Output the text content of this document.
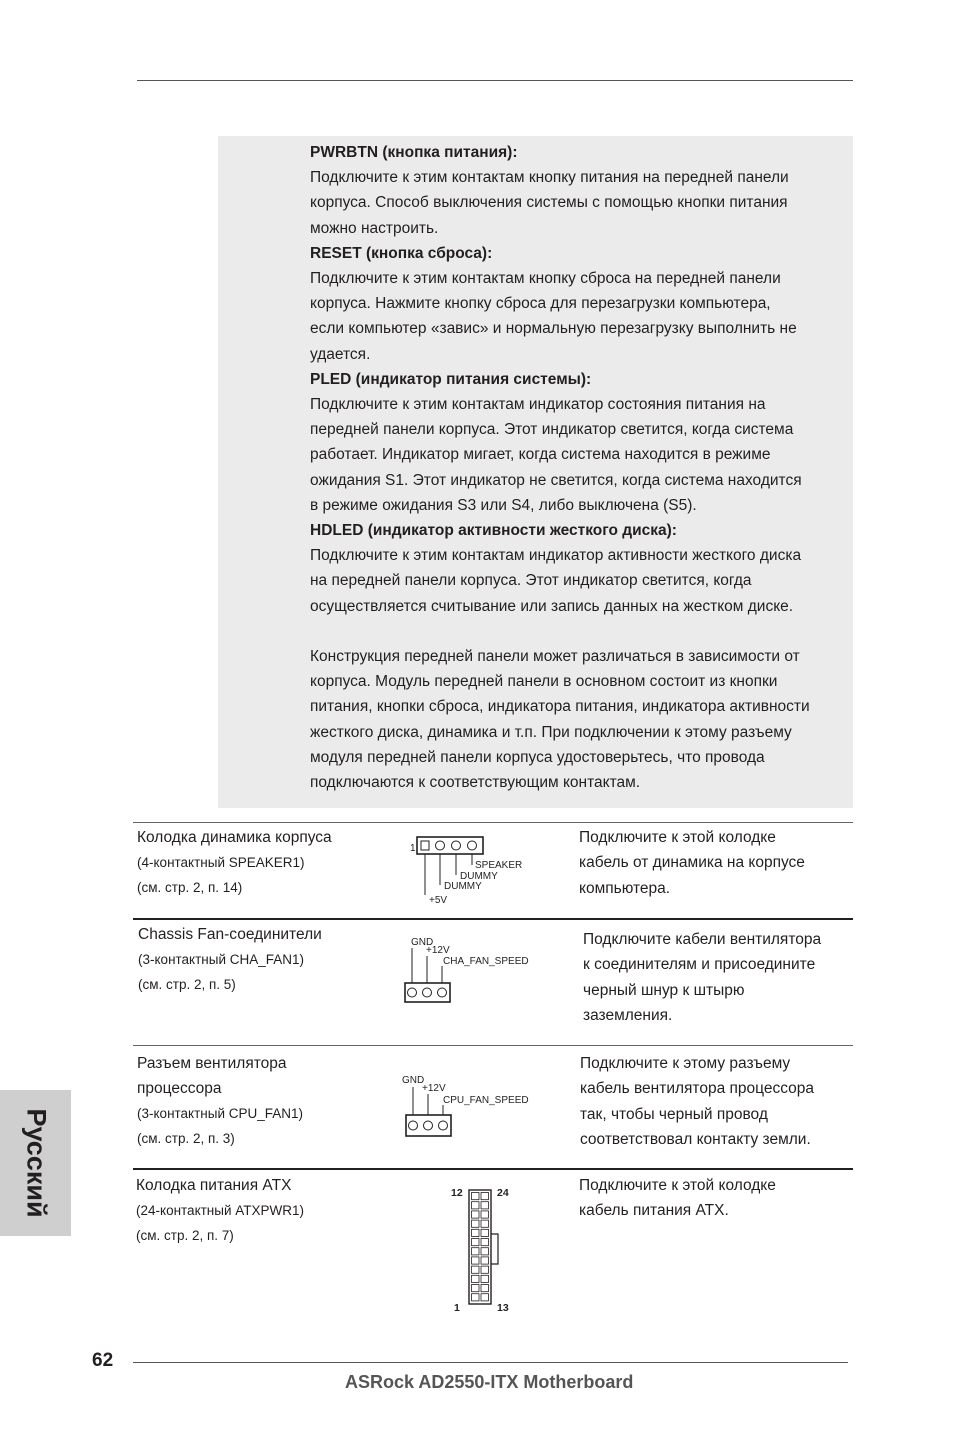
PWRBTN (кнопка питания):
Подключите к этим контактам кнопку питания на передней панели
корпуса. Способ выключения системы с помощью кнопки питания
можно настроить.
RESET (кнопка сброса):
Подключите к этим контактам кнопку сброса на передней панели
корпуса. Нажмите кнопку сброса для перезагрузки компьютера,
если компьютер «завис» и нормальную перезагрузку выполнить не
удается.
PLED (индикатор питания системы):
Подключите к этим контактам индикатор состояния питания на
передней панели корпуса. Этот индикатор светится, когда система
работает. Индикатор мигает, когда система находится в режиме
ожидания S1. Этот индикатор не светится, когда система находится
в режиме ожидания S3 или S4, либо выключена (S5).
HDLED (индикатор активности жесткого диска):
Подключите к этим контактам индикатор активности жесткого диска
на передней панели корпуса. Этот индикатор светится, когда
осуществляется считывание или запись данных на жестком диске.
Конструкция передней панели может различаться в зависимости от
корпуса. Модуль передней панели в основном состоит из кнопки
питания, кнопки сброса, индикатора питания, индикатора активности
жесткого диска, динамика и т.п. При подключении к этому разъему
модуля передней панели корпуса удостоверьтесь, что провода
подключаются к соответствующим контактам.
Колодка динамика корпуса
(4-контактный SPEAKER1)
(см. стр. 2, п. 14)
1
SPEAKER
DUMMY
DUMMY
+5V
Подключите к этой колодке
кабель от динамика на корпусе
компьютера.
Chassis Fan-соединители
(3-контактный CHA_FAN1)
(см. стр. 2, п. 5)
GND
+12V
CHA_FAN_SPEED
Подключите кабели вентилятора
к соединителям и присоедините
черный шнур к штырю
заземления.
Разъем вентилятора
процессора
(3-контактный CPU_FAN1)
(см. стр. 2, п. 3)
GND
+12V
CPU_FAN_SPEED
Подключите к этому разъему
кабель вентилятора процессора
так, чтобы черный провод
соответствовал контакту земли.
Колодка питания ATX
(24-контактный ATXPWR1)
(см. стр. 2, п. 7)
12	24
1	13
Подключите к этой колодке
кабель питания ATX.
Русский
62
ASRock AD2550-ITX Motherboard
